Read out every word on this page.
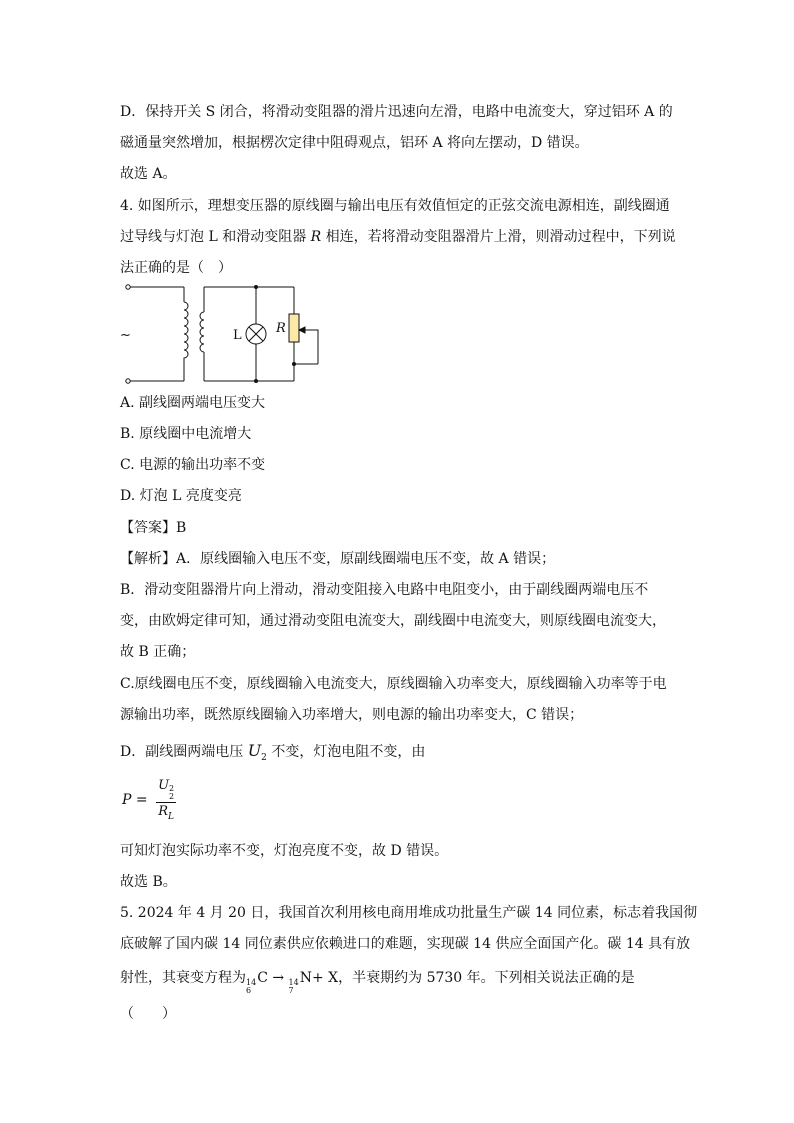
D．保持开关 S 闭合，将滑动变阻器的滑片迅速向左滑，电路中电流变大，穿过铝环 A 的
磁通量突然增加，根据楞次定律中阻碍观点，铝环 A 将向左摆动，D 错误。
故选 A。
4. 如图所示，理想变压器的原线圈与输出电压有效值恒定的正弦交流电源相连，副线圈通
过导线与灯泡 L 和滑动变阻器 R 相连，若将滑动变阻器滑片上滑，则滑动过程中，下列说
法正确的是（　）
~	L	R
A. 副线圈两端电压变大
B. 原线圈中电流增大
C. 电源的输出功率不变
D. 灯泡 L 亮度变亮
【答案】B
【解析】A．原线圈输入电压不变，原副线圈端电压不变，故 A 错误；
B．滑动变阻器滑片向上滑动，滑动变阻接入电路中电阻变小，由于副线圈两端电压不
变，由欧姆定律可知，通过滑动变阻电流变大，副线圈中电流变大，则原线圈电流变大，
故 B 正确；
C.原线圈电压不变，原线圈输入电流变大，原线圈输入功率变大，原线圈输入功率等于电
源输出功率，既然原线圈输入功率增大，则电源的输出功率变大，C 错误；
D．副线圈两端电压 $U_2$ 不变，灯泡电阻不变，由
P = U 2
2
$R_L$
可知灯泡实际功率不变，灯泡亮度不变，故 D 错误。
故选 B。
5. 2024 年 4 月 20 日，我国首次利用核电商用堆成功批量生产碳 14 同位素，标志着我国彻
底破解了国内碳 14 同位素供应依赖进口的难题，实现碳 14 供应全面国产化。碳 14 具有放
射性，其衰变方程为 14
6
C → 14
7
N+ X，半衰期约为 5730 年。下列相关说法正确的是
（　　）
